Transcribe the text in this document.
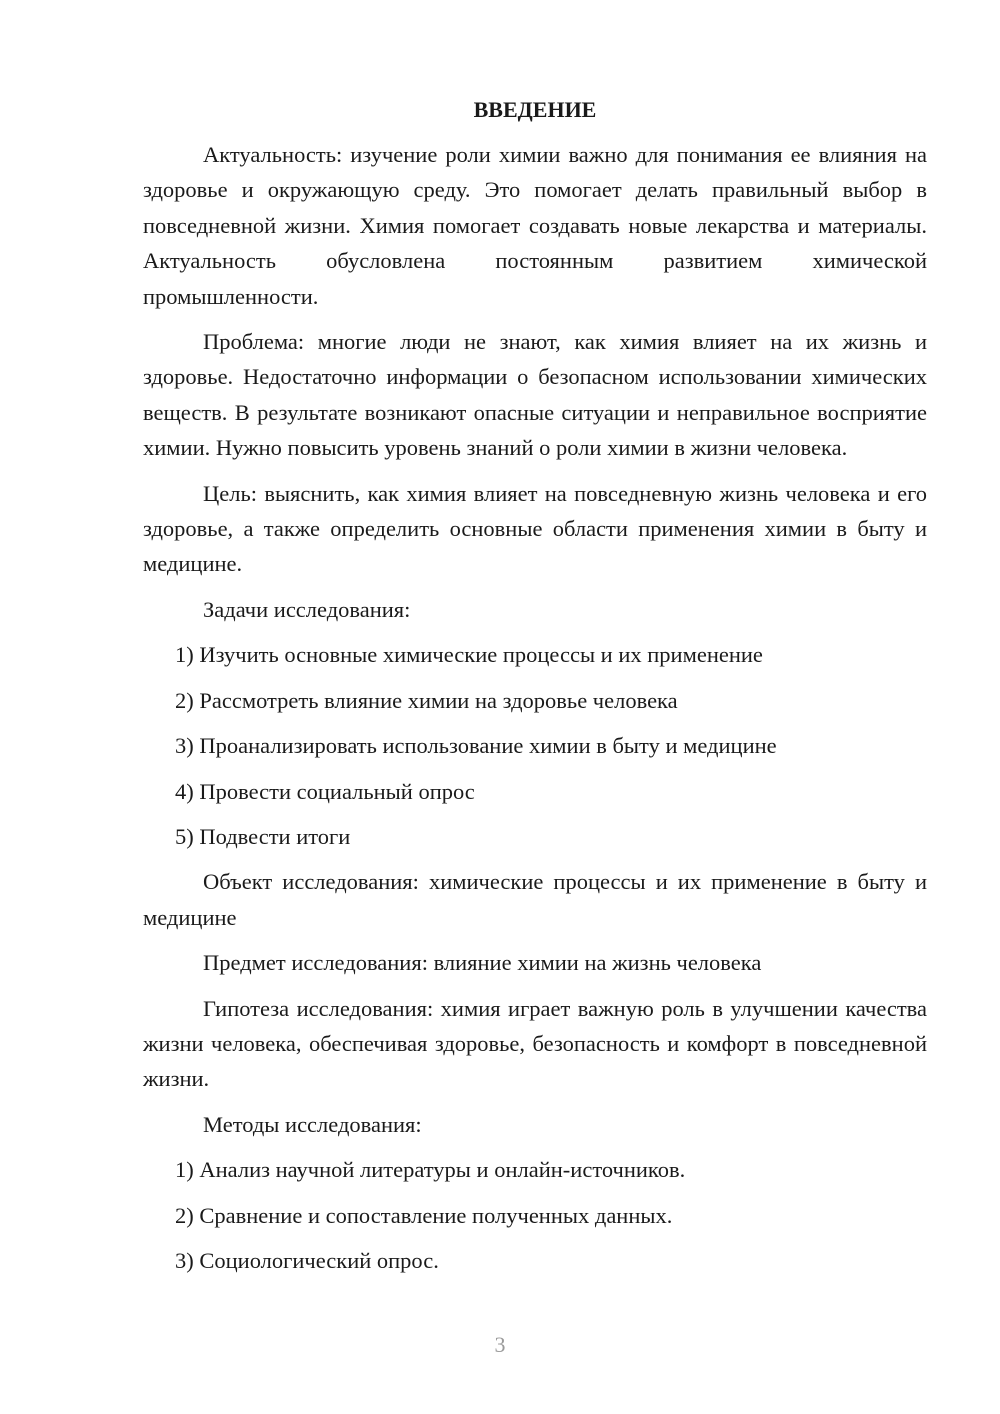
ВВЕДЕНИЕ

Актуальность: изучение роли химии важно для понимания ее влияния на здоровье и окружающую среду. Это помогает делать правильный выбор в повседневной жизни. Химия помогает создавать новые лекарства и материалы. Актуальность обусловлена постоянным развитием химической промышленности.

Проблема: многие люди не знают, как химия влияет на их жизнь и здоровье. Недостаточно информации о безопасном использовании химических веществ. В результате возникают опасные ситуации и неправильное восприятие химии. Нужно повысить уровень знаний о роли химии в жизни человека.

Цель: выяснить, как химия влияет на повседневную жизнь человека и его здоровье, а также определить основные области применения химии в быту и медицине.

Задачи исследования:

1) Изучить основные химические процессы и их применение
2) Рассмотреть влияние химии на здоровье человека
3) Проанализировать использование химии в быту и медицине
4) Провести социальный опрос
5) Подвести итоги

Объект исследования: химические процессы и их применение в быту и медицине

Предмет исследования: влияние химии на жизнь человека

Гипотеза исследования: химия играет важную роль в улучшении качества жизни человека, обеспечивая здоровье, безопасность и комфорт в повседневной жизни.

Методы исследования:

1) Анализ научной литературы и онлайн-источников.
2) Сравнение и сопоставление полученных данных.
3) Социологический опрос.
3
